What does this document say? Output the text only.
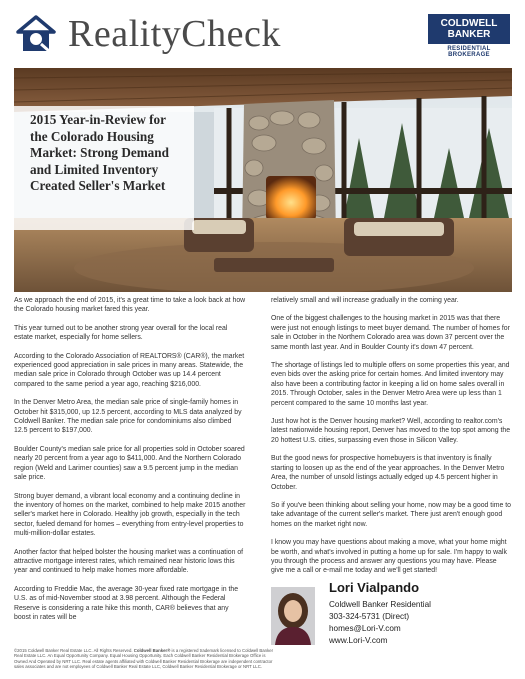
RealityCheck	COLDWELL
BANKER
RESIDENTIAL BROKERAGE
2015 Year-in-Review for the Colorado Housing Market: Strong Demand and Limited Inventory Created Seller's Market

As we approach the end of 2015, it's a great time to take a look back at how the Colorado housing market fared this year.

This year turned out to be another strong year overall for the local real estate market, especially for home sellers.

According to the Colorado Association of REALTORS® (CAR®), the market experienced good appreciation in sale prices in many areas. Statewide, the median sale price in Colorado through October was up 14.4 percent compared to the same period a year ago, reaching $216,000.

In the Denver Metro Area, the median sale price of single-family homes in October hit $315,000, up 12.5 percent, according to MLS data analyzed by Coldwell Banker. The median sale price for condominiums also climbed 12.5 percent to $197,000.

Boulder County's median sale price for all properties sold in October soared nearly 20 percent from a year ago to $411,000. And the Northern Colorado region (Weld and Larimer counties) saw a 9.5 percent jump in the median sale price.

Strong buyer demand, a vibrant local economy and a continuing decline in the inventory of homes on the market, combined to help make 2015 another seller's market here in Colorado. Healthy job growth, especially in the tech sector, fueled demand for homes – everything from entry-level properties to multi-million-dollar estates.

Another factor that helped bolster the housing market was a continuation of attractive mortgage interest rates, which remained near historic lows this year and continued to help make homes more affordable.

According to Freddie Mac, the average 30-year fixed rate mortgage in the U.S. as of mid-November stood at 3.98 percent. Although the Federal Reserve is considering a rate hike this month, CAR® believes that any boost in rates will be

relatively small and will increase gradually in the coming year.

One of the biggest challenges to the housing market in 2015 was that there were just not enough listings to meet buyer demand. The number of homes for sale in October in the Northern Colorado area was down 37 percent over the same month last year. And in Boulder County it's down 47 percent.

The shortage of listings led to multiple offers on some properties this year, and even bids over the asking price for certain homes. And limited inventory may also have been a contributing factor in keeping a lid on home sales overall in 2015. Through October, sales in the Denver Metro Area were up less than 1 percent compared to the same 10 months last year.

Just how hot is the Denver housing market? Well, according to realtor.com's latest nationwide housing report, Denver has moved to the top spot among the 20 hottest U.S. cities, surpassing even those in Silicon Valley.

But the good news for prospective homebuyers is that inventory is finally starting to loosen up as the end of the year approaches. In the Denver Metro Area, the number of unsold listings actually edged up 4.5 percent higher in October.

So if you've been thinking about selling your home, now may be a good time to take advantage of the current seller's market. There just aren't enough good homes on the market right now.

I know you may have questions about making a move, what your home might be worth, and what's involved in putting a home up for sale. I'm happy to walk you through the process and answer any questions you may have. Please give me a call or e-mail me today and we'll get started!

Lori Vialpando
Coldwell Banker Residential
303-324-5731 (Direct)
homes@Lori-V.com
www.Lori-V.com
©2015 Coldwell Banker Real Estate LLC. All Rights Reserved. Coldwell Banker® is a registered trademark licensed to Coldwell Banker Real Estate LLC. An Equal Opportunity Company. Equal Housing Opportunity. Each Coldwell Banker Residential Brokerage Office is Owned And Operated by NRT LLC. Real estate agents affiliated with Coldwell Banker Residential Brokerage are independent contractor sales associates and are not employees of Coldwell Banker Real Estate LLC, Coldwell Banker Residential Brokerage or NRT LLC.
